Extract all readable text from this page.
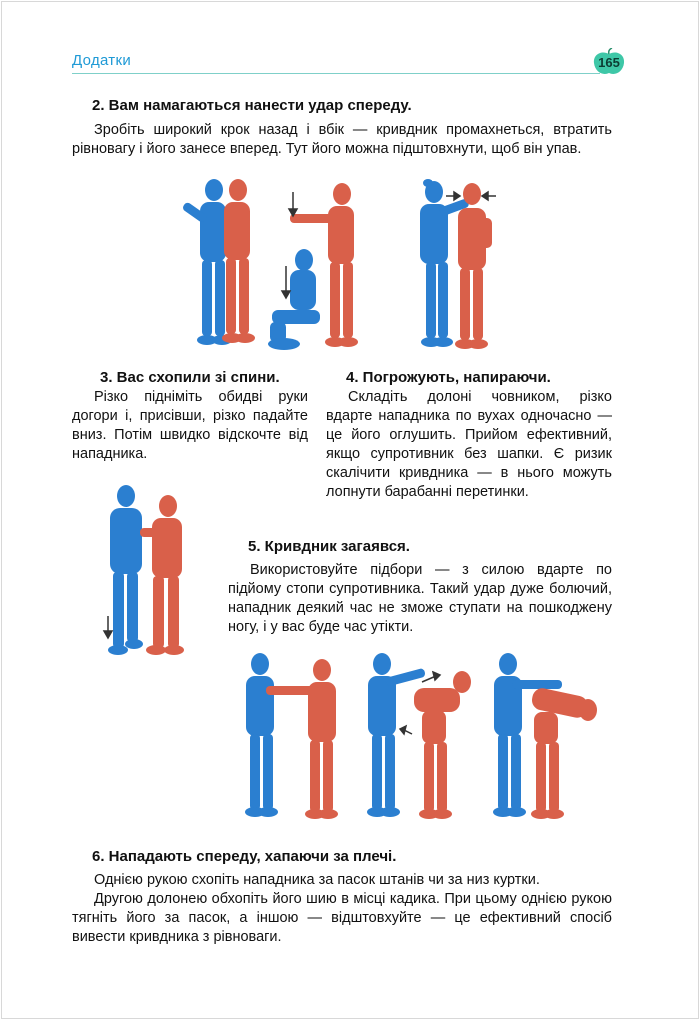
Додатки	165
2. Вам намагаються нанести удар спереду.

Зробіть широкий крок назад і вбік — кривдник промахнеться, втратить рівновагу і його занесе вперед. Тут його можна підштовхнути, щоб він упав.

3. Вас схопили зі спини.

Різко підніміть обидві руки догори і, присівши, різко падайте вниз. Потім швидко відскочте від нападника.

4. Погрожують, напираючи.

Складіть долоні човником, різко вдарте нападника по вухах одночасно — це його оглушить. Прийом ефективний, якщо супротивник без шапки. Є ризик скалічити кривдника — в нього можуть лопнути барабанні перетинки.

5. Кривдник загаявся.

Використовуйте підбори — з силою вдарте по підйому стопи супротивника. Такий удар дуже болючий, нападник деякий час не зможе ступати на пошкоджену ногу, і у вас буде час утікти.

6. Нападають спереду, хапаючи за плечі.

Однією рукою схопіть нападника за пасок штанів чи за низ куртки.

Другою долонею обхопіть його шию в місці кадика. При цьому однією рукою тягніть його за пасок, а іншою — відштовхуйте — це ефективний спосіб вивести кривдника з рівноваги.
